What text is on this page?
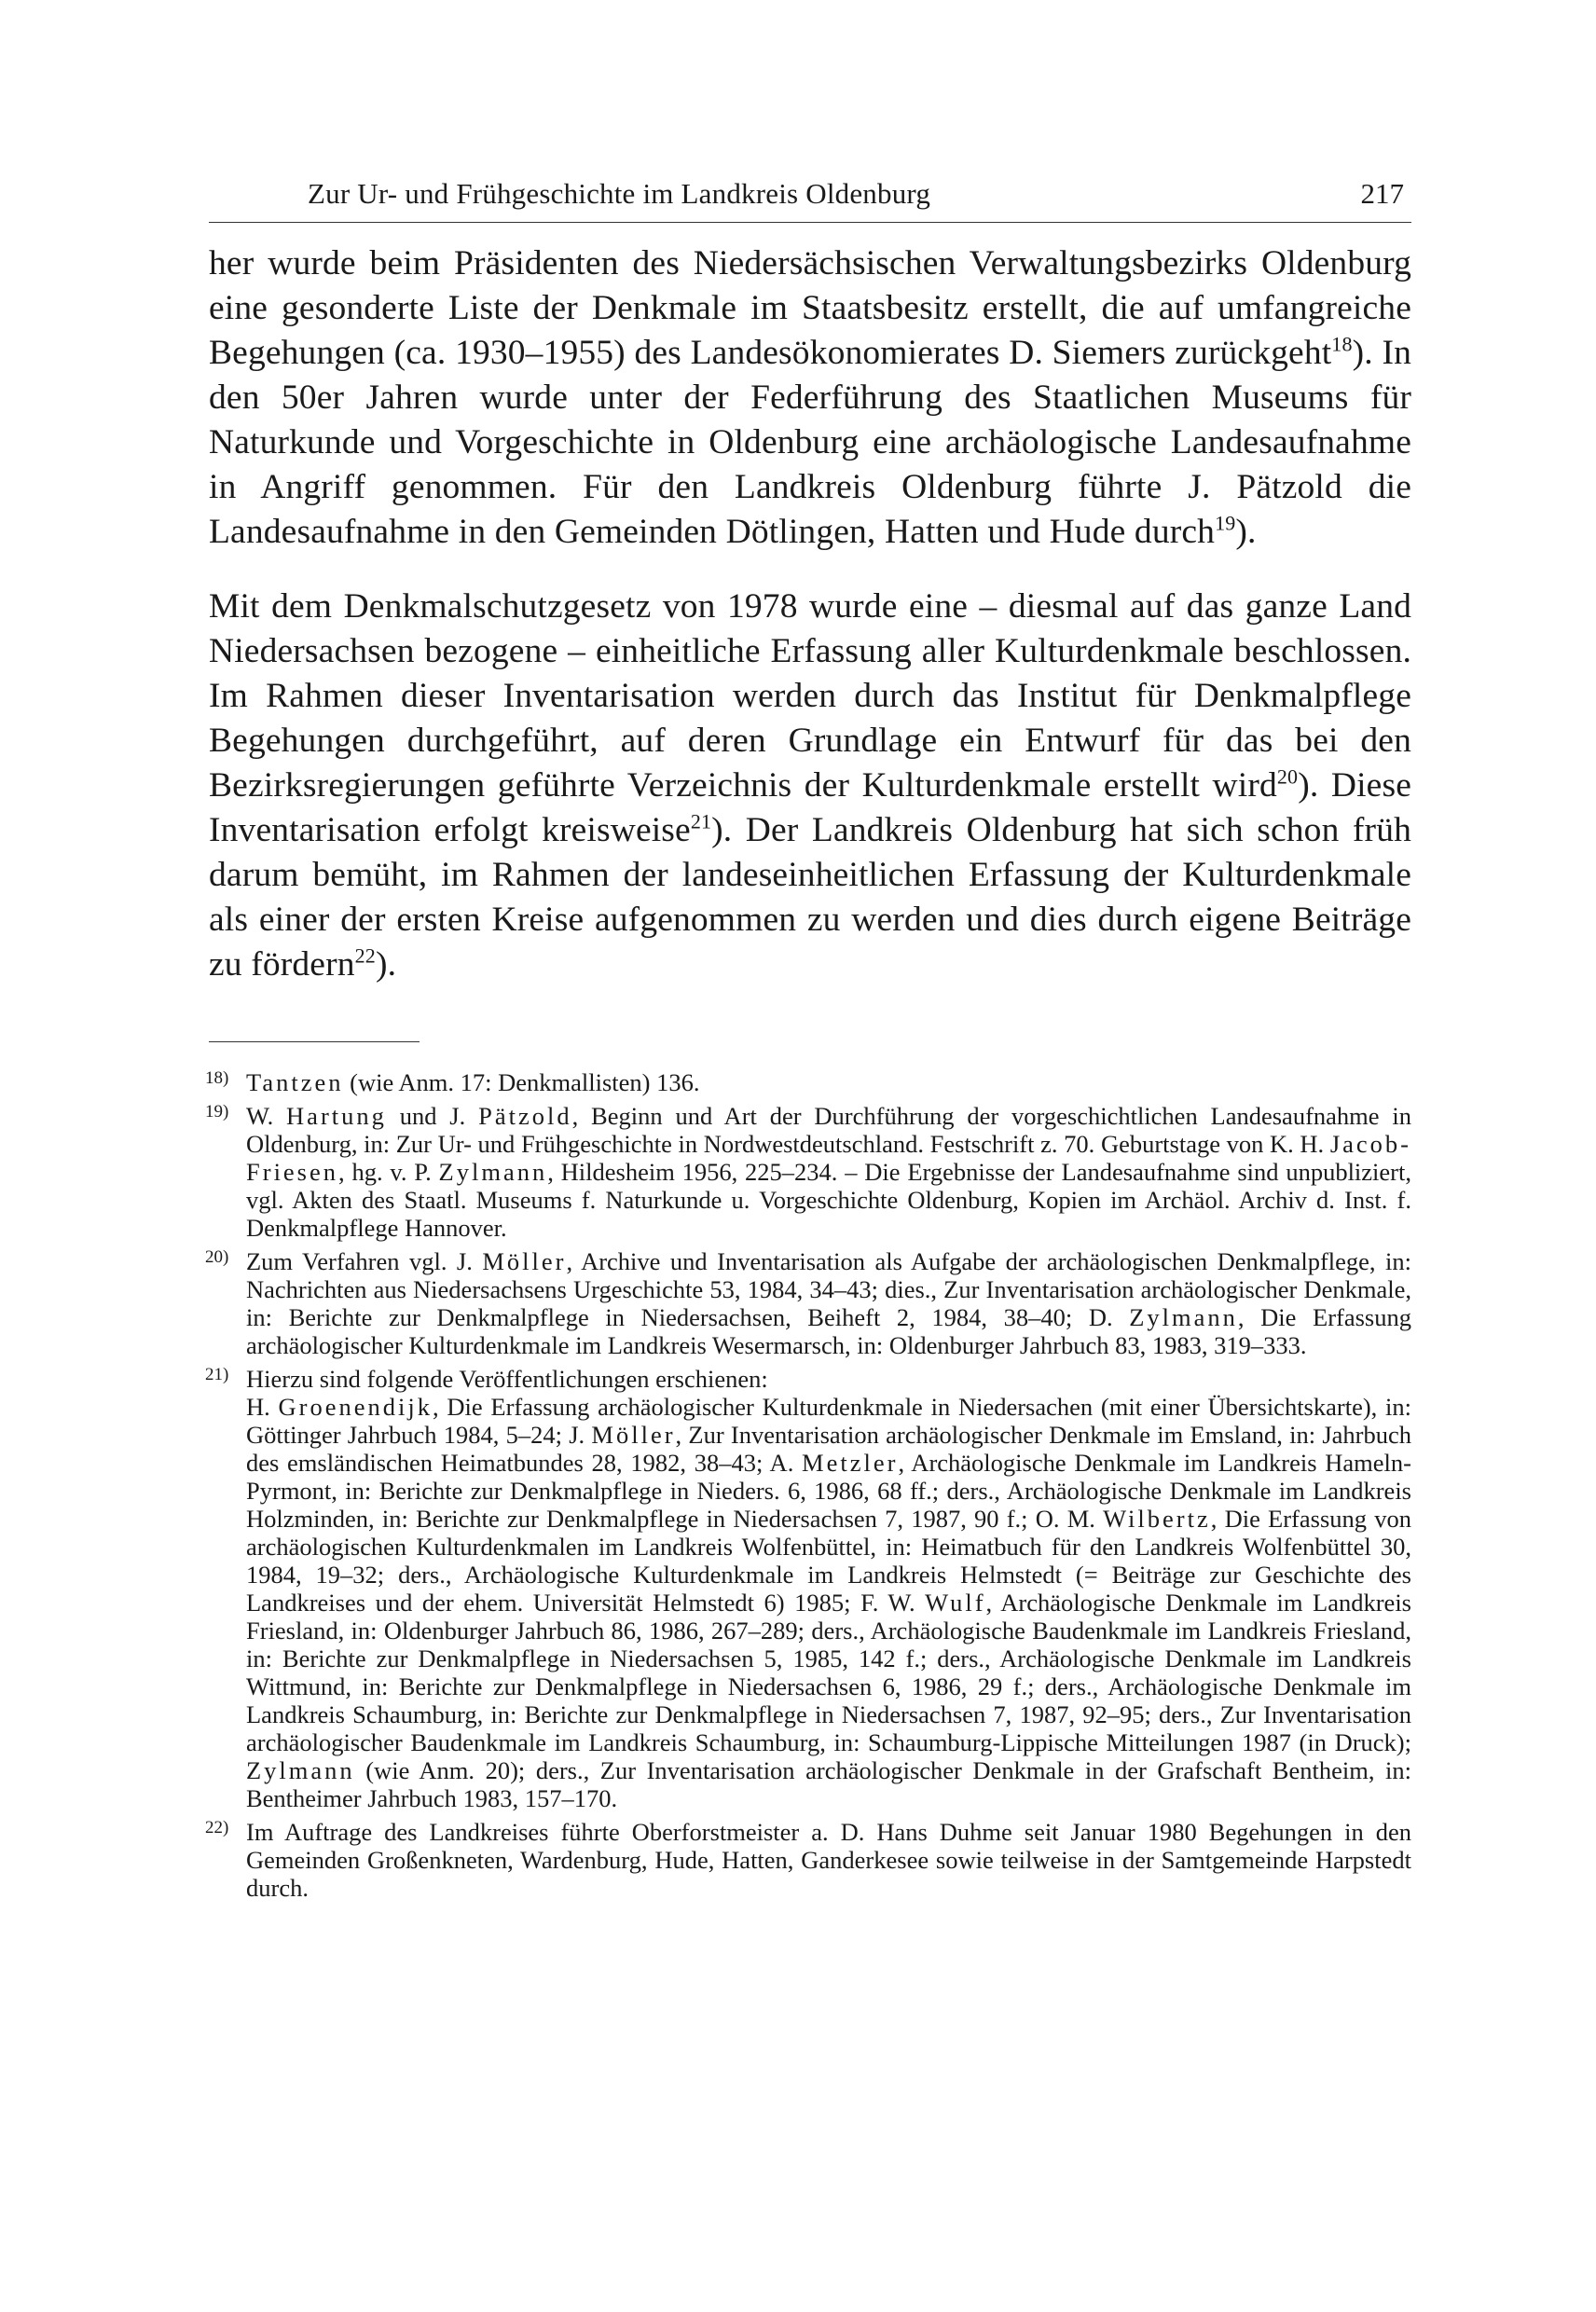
Zur Ur- und Frühgeschichte im Landkreis Oldenburg	217

her wurde beim Präsidenten des Niedersächsischen Verwaltungsbezirks Oldenburg eine gesonderte Liste der Denkmale im Staatsbesitz erstellt, die auf umfangreiche Begehungen (ca. 1930–1955) des Landesökonomierates D. Siemers zurückgeht$^{18}$). In den 50er Jahren wurde unter der Federführung des Staatlichen Museums für Naturkunde und Vorgeschichte in Oldenburg eine archäologische Landesaufnahme in Angriff genommen. Für den Landkreis Oldenburg führte J. Pätzold die Landesaufnahme in den Gemeinden Dötlingen, Hatten und Hude durch$^{19}$).

Mit dem Denkmalschutzgesetz von 1978 wurde eine – diesmal auf das ganze Land Niedersachsen bezogene – einheitliche Erfassung aller Kulturdenkmale beschlossen. Im Rahmen dieser Inventarisation werden durch das Institut für Denkmalpflege Begehungen durchgeführt, auf deren Grundlage ein Entwurf für das bei den Bezirksregierungen geführte Verzeichnis der Kulturdenkmale erstellt wird$^{20}$). Diese Inventarisation erfolgt kreisweise$^{21}$). Der Landkreis Oldenburg hat sich schon früh darum bemüht, im Rahmen der landeseinheitlichen Erfassung der Kulturdenkmale als einer der ersten Kreise aufgenommen zu werden und dies durch eigene Beiträge zu fördern$^{22}$).

18) Tantzen (wie Anm. 17: Denkmallisten) 136.
19) W. Hartung und J. Pätzold, Beginn und Art der Durchführung der vorgeschichtlichen Landesaufnahme in Oldenburg, in: Zur Ur- und Frühgeschichte in Nordwestdeutschland. Festschrift z. 70. Geburtstage von K. H. Jacob-Friesen, hg. v. P. Zylmann, Hildesheim 1956, 225–234. – Die Ergebnisse der Landesaufnahme sind unpubliziert, vgl. Akten des Staatl. Museums f. Naturkunde u. Vorgeschichte Oldenburg, Kopien im Archäol. Archiv d. Inst. f. Denkmalpflege Hannover.
20) Zum Verfahren vgl. J. Möller, Archive und Inventarisation als Aufgabe der archäologischen Denkmalpflege, in: Nachrichten aus Niedersachsens Urgeschichte 53, 1984, 34–43; dies., Zur Inventarisation archäologischer Denkmale, in: Berichte zur Denkmalpflege in Niedersachsen, Beiheft 2, 1984, 38–40; D. Zylmann, Die Erfassung archäologischer Kulturdenkmale im Landkreis Wesermarsch, in: Oldenburger Jahrbuch 83, 1983, 319–333.
21) Hierzu sind folgende Veröffentlichungen erschienen:
H. Groenendijk, Die Erfassung archäologischer Kulturdenkmale in Niedersachen (mit einer Übersichtskarte), in: Göttinger Jahrbuch 1984, 5–24; J. Möller, Zur Inventarisation archäologischer Denkmale im Emsland, in: Jahrbuch des emsländischen Heimatbundes 28, 1982, 38–43; A. Metzler, Archäologische Denkmale im Landkreis Hameln-Pyrmont, in: Berichte zur Denkmalpflege in Nieders. 6, 1986, 68 ff.; ders., Archäologische Denkmale im Landkreis Holzminden, in: Berichte zur Denkmalpflege in Niedersachsen 7, 1987, 90 f.; O. M. Wilbertz, Die Erfassung von archäologischen Kulturdenkmalen im Landkreis Wolfenbüttel, in: Heimatbuch für den Landkreis Wolfenbüttel 30, 1984, 19–32; ders., Archäologische Kulturdenkmale im Landkreis Helmstedt (= Beiträge zur Geschichte des Landkreises und der ehem. Universität Helmstedt 6) 1985; F. W. Wulf, Archäologische Denkmale im Landkreis Friesland, in: Oldenburger Jahrbuch 86, 1986, 267–289; ders., Archäologische Baudenkmale im Landkreis Friesland, in: Berichte zur Denkmalpflege in Niedersachsen 5, 1985, 142 f.; ders., Archäologische Denkmale im Landkreis Wittmund, in: Berichte zur Denkmalpflege in Niedersachsen 6, 1986, 29 f.; ders., Archäologische Denkmale im Landkreis Schaumburg, in: Berichte zur Denkmalpflege in Niedersachsen 7, 1987, 92–95; ders., Zur Inventarisation archäologischer Baudenkmale im Landkreis Schaumburg, in: Schaumburg-Lippische Mitteilungen 1987 (in Druck); Zylmann (wie Anm. 20); ders., Zur Inventarisation archäologischer Denkmale in der Grafschaft Bentheim, in: Bentheimer Jahrbuch 1983, 157–170.
22) Im Auftrage des Landkreises führte Oberforstmeister a. D. Hans Duhme seit Januar 1980 Begehungen in den Gemeinden Großenkneten, Wardenburg, Hude, Hatten, Ganderkesee sowie teilweise in der Samtgemeinde Harpstedt durch.
